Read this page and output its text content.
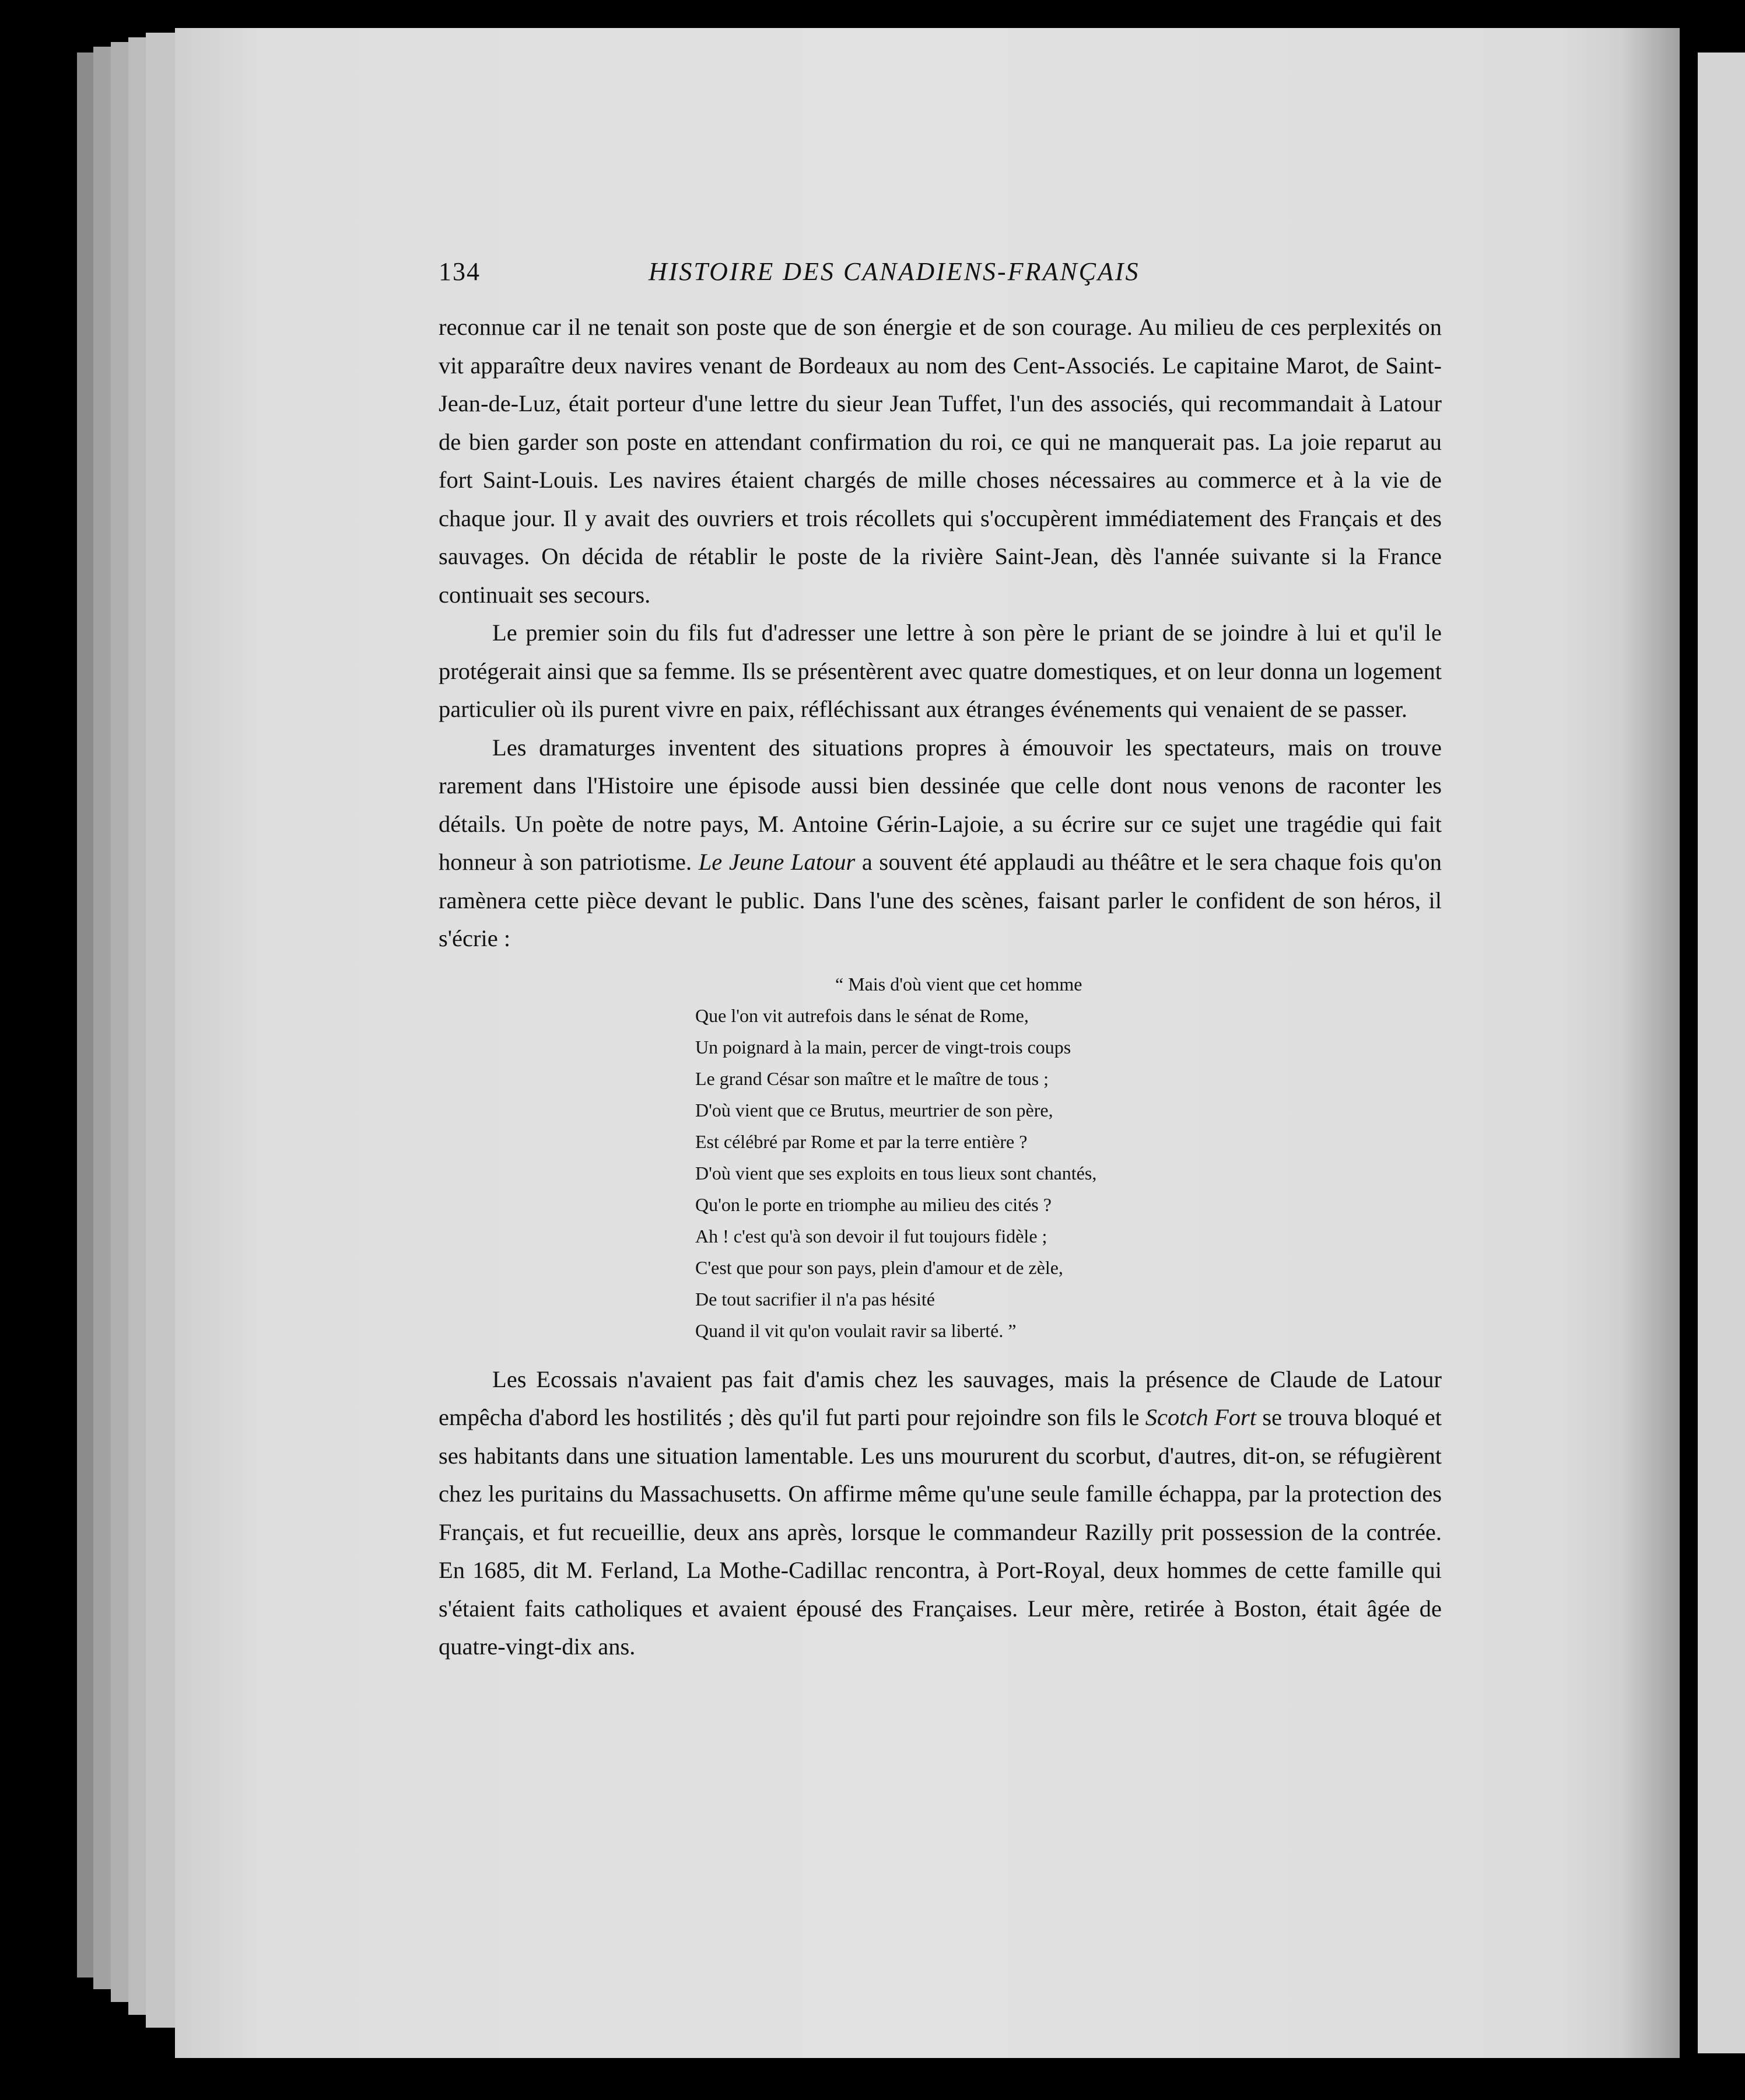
134	HISTOIRE DES CANADIENS-FRANÇAIS

reconnue car il ne tenait son poste que de son énergie et de son courage. Au milieu de ces perplexités on vit apparaître deux navires venant de Bordeaux au nom des Cent-Associés. Le capitaine Marot, de Saint-Jean-de-Luz, était porteur d'une lettre du sieur Jean Tuffet, l'un des associés, qui recommandait à Latour de bien garder son poste en attendant confirmation du roi, ce qui ne manquerait pas. La joie reparut au fort Saint-Louis. Les navires étaient chargés de mille choses nécessaires au commerce et à la vie de chaque jour. Il y avait des ouvriers et trois récollets qui s'occupèrent immédiatement des Français et des sauvages. On décida de rétablir le poste de la rivière Saint-Jean, dès l'année suivante si la France continuait ses secours.

Le premier soin du fils fut d'adresser une lettre à son père le priant de se joindre à lui et qu'il le protégerait ainsi que sa femme. Ils se présentèrent avec quatre domestiques, et on leur donna un logement particulier où ils purent vivre en paix, réfléchissant aux étranges événements qui venaient de se passer.

Les dramaturges inventent des situations propres à émouvoir les spectateurs, mais on trouve rarement dans l'Histoire une épisode aussi bien dessinée que celle dont nous venons de raconter les détails. Un poète de notre pays, M. Antoine Gérin-Lajoie, a su écrire sur ce sujet une tragédie qui fait honneur à son patriotisme. Le Jeune Latour a souvent été applaudi au théâtre et le sera chaque fois qu'on ramènera cette pièce devant le public. Dans l'une des scènes, faisant parler le confident de son héros, il s'écrie :

“ Mais d'où vient que cet homme
Que l'on vit autrefois dans le sénat de Rome,
Un poignard à la main, percer de vingt-trois coups
Le grand César son maître et le maître de tous ;
D'où vient que ce Brutus, meurtrier de son père,
Est célébré par Rome et par la terre entière ?
D'où vient que ses exploits en tous lieux sont chantés,
Qu'on le porte en triomphe au milieu des cités ?
Ah ! c'est qu'à son devoir il fut toujours fidèle ;
C'est que pour son pays, plein d'amour et de zèle,
De tout sacrifier il n'a pas hésité
Quand il vit qu'on voulait ravir sa liberté. ”

Les Ecossais n'avaient pas fait d'amis chez les sauvages, mais la présence de Claude de Latour empêcha d'abord les hostilités ; dès qu'il fut parti pour rejoindre son fils le Scotch Fort se trouva bloqué et ses habitants dans une situation lamentable. Les uns moururent du scorbut, d'autres, dit-on, se réfugièrent chez les puritains du Massachusetts. On affirme même qu'une seule famille échappa, par la protection des Français, et fut recueillie, deux ans après, lorsque le commandeur Razilly prit possession de la contrée. En 1685, dit M. Ferland, La Mothe-Cadillac rencontra, à Port-Royal, deux hommes de cette famille qui s'étaient faits catholiques et avaient épousé des Françaises. Leur mère, retirée à Boston, était âgée de quatre-vingt-dix ans.
